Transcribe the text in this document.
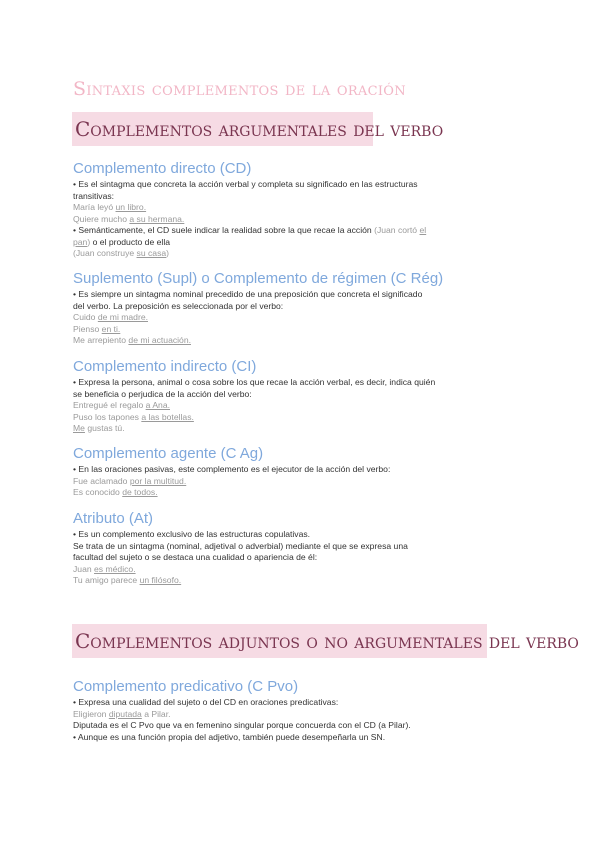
Sintaxis complementos de la oración
Complementos argumentales del verbo
Complemento directo (CD)
• Es el sintagma que concreta la acción verbal y completa su significado en las estructuras
transitivas:
María leyó un libro.
Quiere mucho a su hermana.
• Semánticamente, el CD suele indicar la realidad sobre la que recae la acción (Juan cortó el
pan) o el producto de ella
(Juan construye su casa)
Suplemento (Supl) o Complemento de régimen (C Rég)
• Es siempre un sintagma nominal precedido de una preposición que concreta el significado
del verbo. La preposición es seleccionada por el verbo:
Cuido de mi madre.
Pienso en ti.
Me arrepiento de mi actuación.
Complemento indirecto (CI)
• Expresa la persona, animal o cosa sobre los que recae la acción verbal, es decir, indica quién
se beneficia o perjudica de la acción del verbo:
Entregué el regalo a Ana.
Puso los tapones a las botellas.
Me gustas tú.
Complemento agente (C Ag)
• En las oraciones pasivas, este complemento es el ejecutor de la acción del verbo:
Fue aclamado por la multitud.
Es conocido de todos.
Atributo (At)
• Es un complemento exclusivo de las estructuras copulativas.
Se trata de un sintagma (nominal, adjetival o adverbial) mediante el que se expresa una
facultad del sujeto o se destaca una cualidad o apariencia de él:
Juan es médico.
Tu amigo parece un filósofo.
Complementos adjuntos o no argumentales del verbo
Complemento predicativo (C Pvo)
• Expresa una cualidad del sujeto o del CD en oraciones predicativas:
Eligieron diputada a Pilar.
Diputada es el C Pvo que va en femenino singular porque concuerda con el CD (a Pilar).
• Aunque es una función propia del adjetivo, también puede desempeñarla un SN.
